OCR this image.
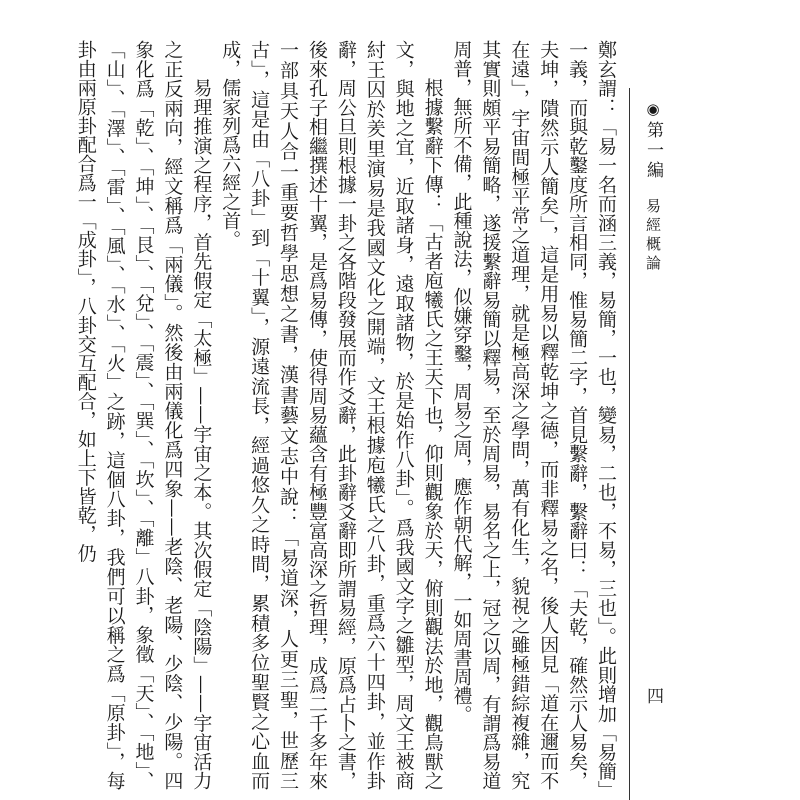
鄭玄謂：「易一名而涵三義，易簡，一也，變易，二也，不易，三也」。此則增加「易簡」一義，而與乾鑿度所言相同，惟易簡二字，首見繫辭，繫辭曰：「夫乾，確然示人易矣，夫坤，隤然示人簡矣」，這是用易以釋乾坤之德，而非釋易之名，後人因見「道在邇而不在遠」，宇宙間極平常之道理，就是極高深之學問，萬有化生，貌視之雖極錯綜複雜，究其實則頗平易簡略，遂援繫辭易簡以釋易，至於周易，易名之上，冠之以周，有謂爲易道周普，無所不備，此種說法，似嫌穿鑿，周易之周，應作朝代解，一如周書周禮。

根據繫辭下傳：「古者庖犧氏之王天下也，仰則觀象於天，俯則觀法於地，觀鳥獸之文，與地之宜，近取諸身，遠取諸物，於是始作八卦」。爲我國文字之雛型，周文王被商紂王囚於羑里演易是我國文化之開端，文王根據庖犧氏之八卦，重爲六十四卦，並作卦辭，周公旦則根據一卦之各階段發展而作爻辭，此卦辭爻辭即所謂易經，原爲占卜之書，後來孔子相繼撰述十翼，是爲易傳，使得周易蘊含有極豐富高深之哲理，成爲二千多年來一部具天人合一重要哲學思想之書，漢書藝文志中說：「易道深，人更三聖，世歷三古」，這是由「八卦」到「十翼」，源遠流長，經過悠久之時間，累積多位聖賢之心血而成，儒家列爲六經之首。

易理推演之程序，首先假定「太極」——宇宙之本。其次假定「陰陽」——宇宙活力之正反兩向，經文稱爲「兩儀」。然後由兩儀化爲四象——老陰、老陽、少陰、少陽。四象化爲「乾」、「坤」、「艮」、「兌」、「震」、「巽」、「坎」、「離」八卦，象徵「天」、「地」、「山」、「澤」、「雷」、「風」、「水」、「火」之跡，這個八卦，我們可以稱之爲「原卦」，每卦由兩原卦配合爲一「成卦」，八卦交互配合，如上下皆乾，仍	◉第一編
易經概論
四
